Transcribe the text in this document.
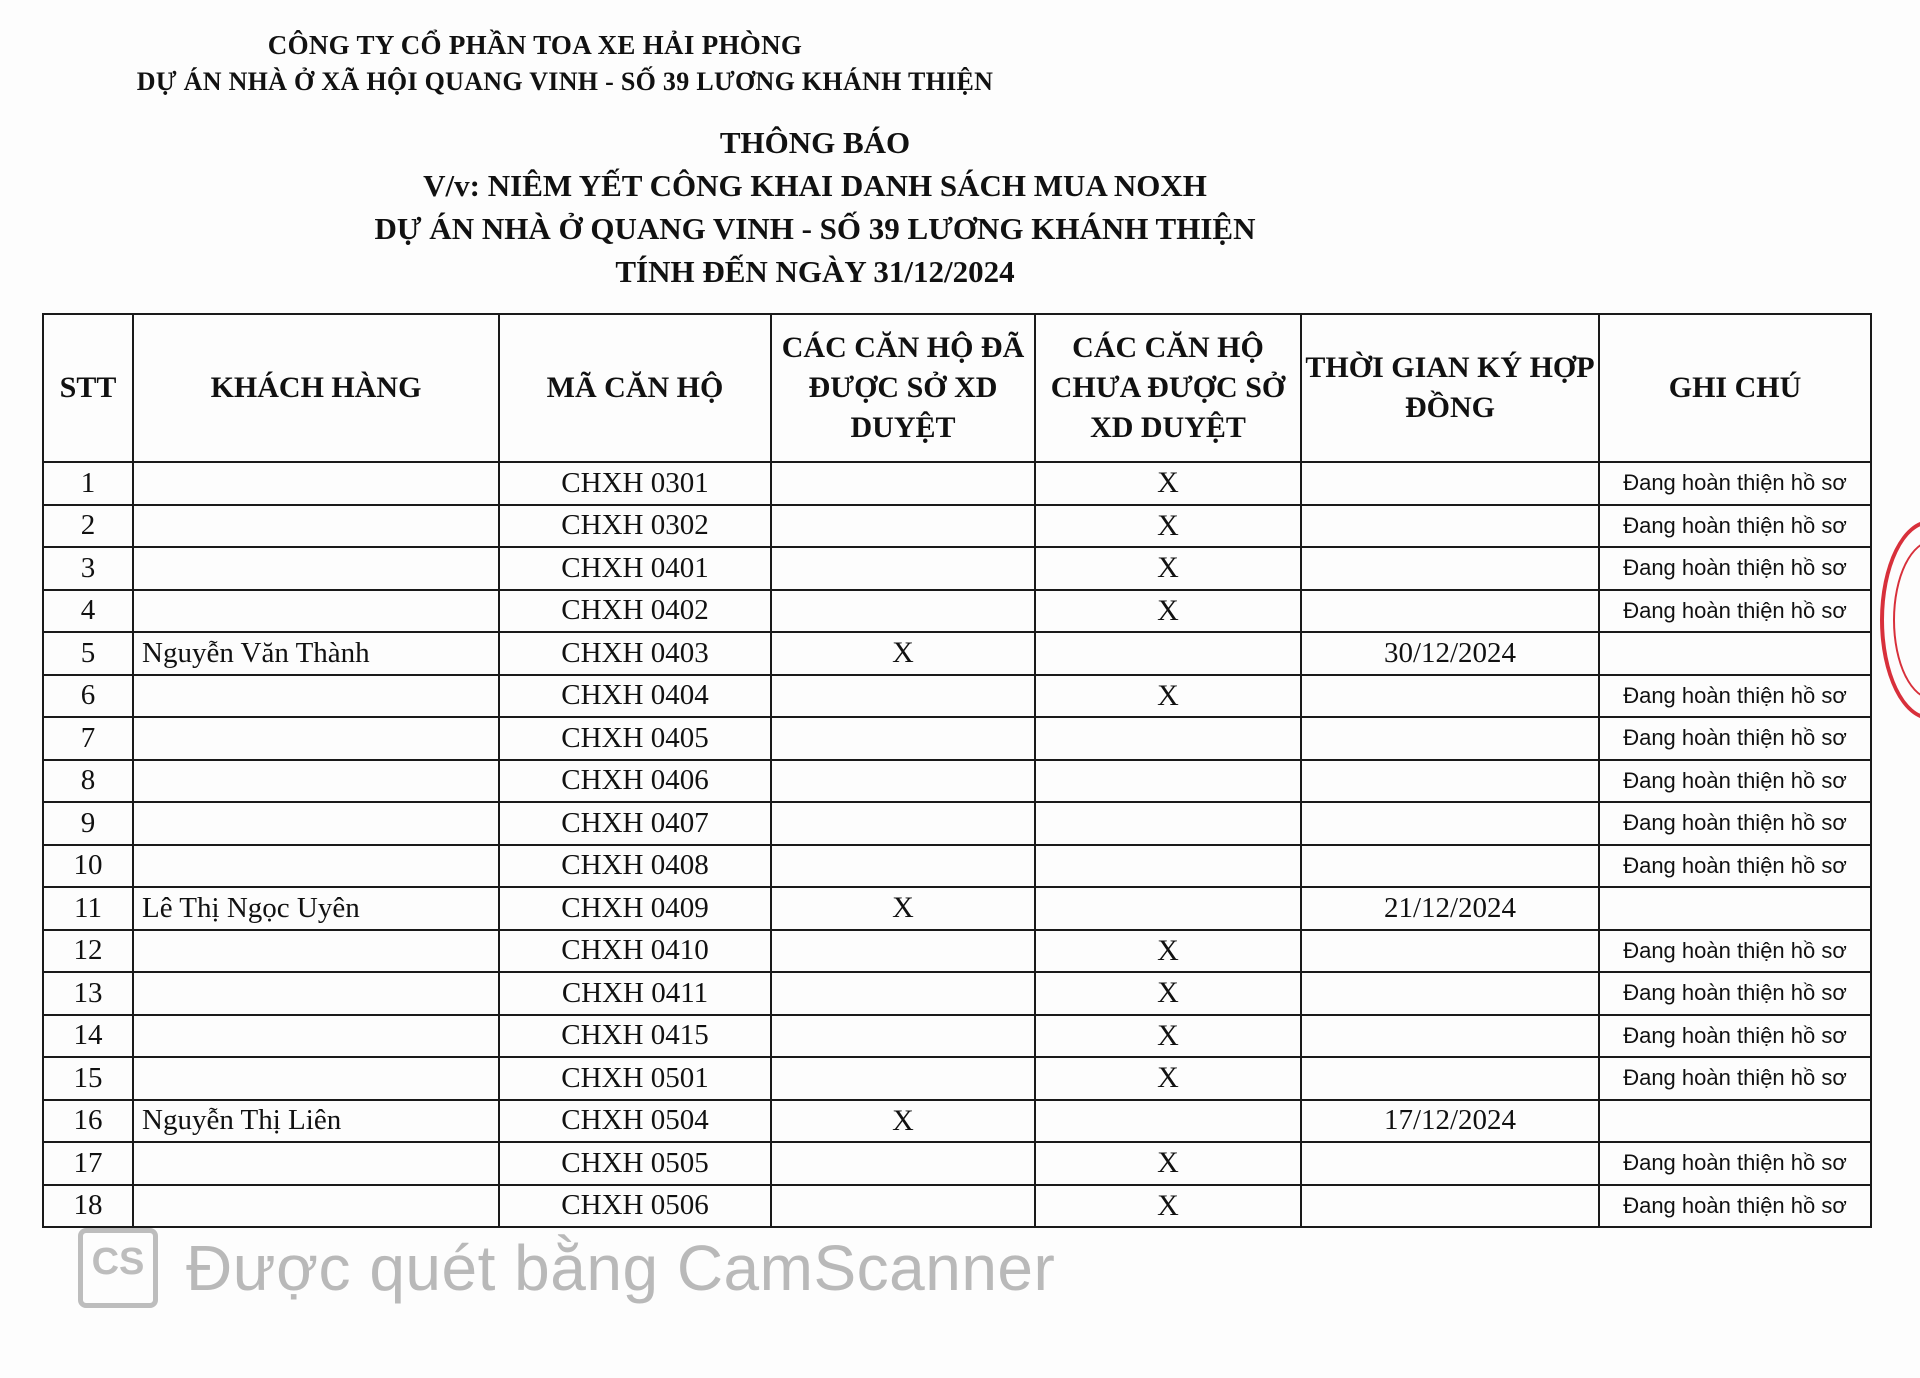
CÔNG TY CỔ PHẦN TOA XE HẢI PHÒNG
DỰ ÁN NHÀ Ở XÃ HỘI QUANG VINH - SỐ 39 LƯƠNG KHÁNH THIỆN
THÔNG BÁO
V/v: NIÊM YẾT CÔNG KHAI DANH SÁCH MUA NOXH
DỰ ÁN NHÀ Ở QUANG VINH - SỐ 39 LƯƠNG KHÁNH THIỆN
TÍNH ĐẾN NGÀY 31/12/2024
STT	KHÁCH HÀNG	MÃ CĂN HỘ	CÁC CĂN HỘ ĐÃ ĐƯỢC SỞ XD DUYỆT	CÁC CĂN HỘ CHƯA ĐƯỢC SỞ XD DUYỆT	THỜI GIAN KÝ HỢP ĐỒNG	GHI CHÚ
1		CHXH 0301		X		Đang hoàn thiện hồ sơ
2		CHXH 0302		X		Đang hoàn thiện hồ sơ
3		CHXH 0401		X		Đang hoàn thiện hồ sơ
4		CHXH 0402		X		Đang hoàn thiện hồ sơ
5	Nguyễn Văn Thành	CHXH 0403	X		30/12/2024	
6		CHXH 0404		X		Đang hoàn thiện hồ sơ
7		CHXH 0405				Đang hoàn thiện hồ sơ
8		CHXH 0406				Đang hoàn thiện hồ sơ
9		CHXH 0407				Đang hoàn thiện hồ sơ
10		CHXH 0408				Đang hoàn thiện hồ sơ
11	Lê Thị Ngọc Uyên	CHXH 0409	X		21/12/2024	
12		CHXH 0410		X		Đang hoàn thiện hồ sơ
13		CHXH 0411		X		Đang hoàn thiện hồ sơ
14		CHXH 0415		X		Đang hoàn thiện hồ sơ
15		CHXH 0501		X		Đang hoàn thiện hồ sơ
16	Nguyễn Thị Liên	CHXH 0504	X		17/12/2024	
17		CHXH 0505		X		Đang hoàn thiện hồ sơ
18		CHXH 0506		X		Đang hoàn thiện hồ sơ
CS Được quét bằng CamScanner
